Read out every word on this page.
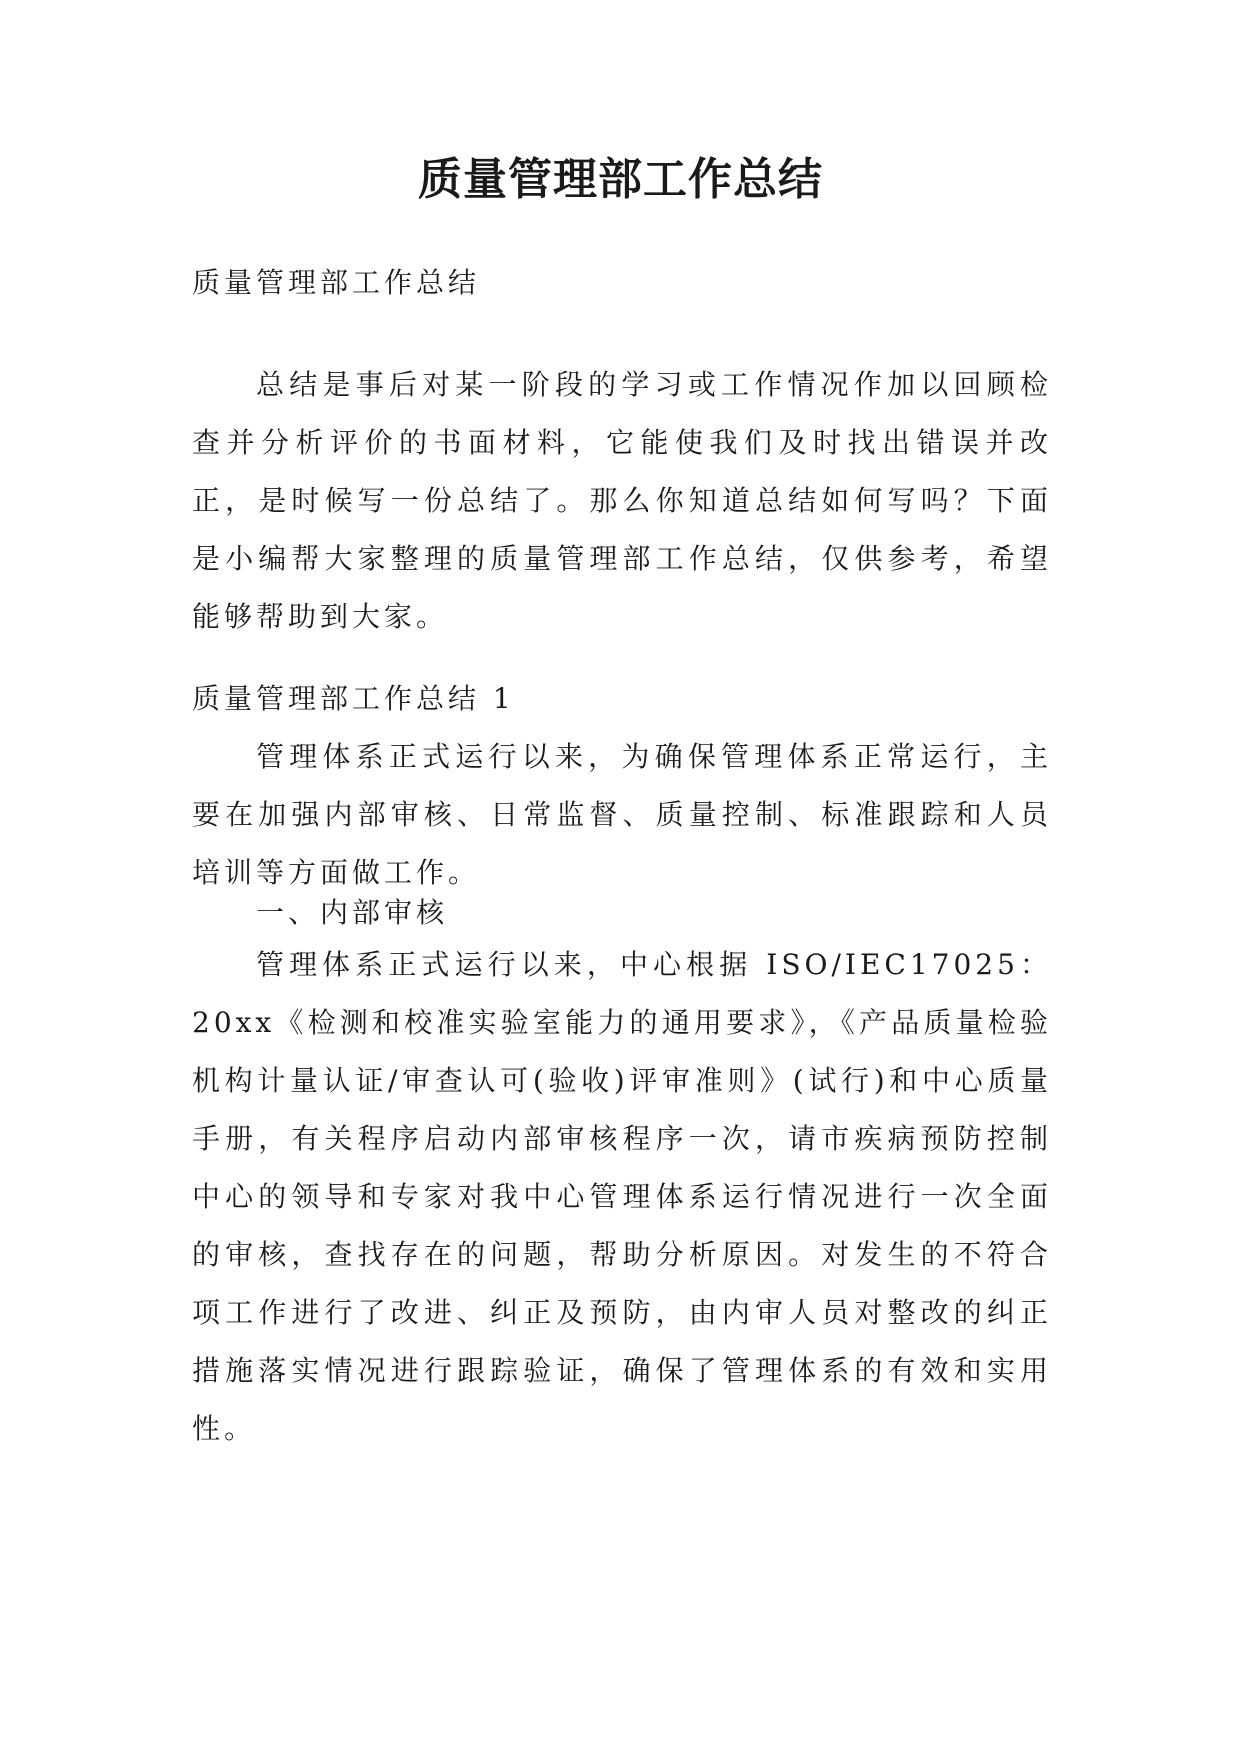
质量管理部工作总结

质量管理部工作总结

总结是事后对某一阶段的学习或工作情况作加以回顾检查并分析评价的书面材料，它能使我们及时找出错误并改正，是时候写一份总结了。那么你知道总结如何写吗？下面是小编帮大家整理的质量管理部工作总结，仅供参考，希望能够帮助到大家。

质量管理部工作总结 1

管理体系正式运行以来，为确保管理体系正常运行，主要在加强内部审核、日常监督、质量控制、标准跟踪和人员培训等方面做工作。

一、内部审核

管理体系正式运行以来，中心根据 ISO/IEC17025：20xx《检测和校准实验室能力的通用要求》，《产品质量检验机构计量认证/审查认可(验收)评审准则》(试行)和中心质量手册，有关程序启动内部审核程序一次，请市疾病预防控制中心的领导和专家对我中心管理体系运行情况进行一次全面的审核，查找存在的问题，帮助分析原因。对发生的不符合项工作进行了改进、纠正及预防，由内审人员对整改的纠正措施落实情况进行跟踪验证，确保了管理体系的有效和实用性。
